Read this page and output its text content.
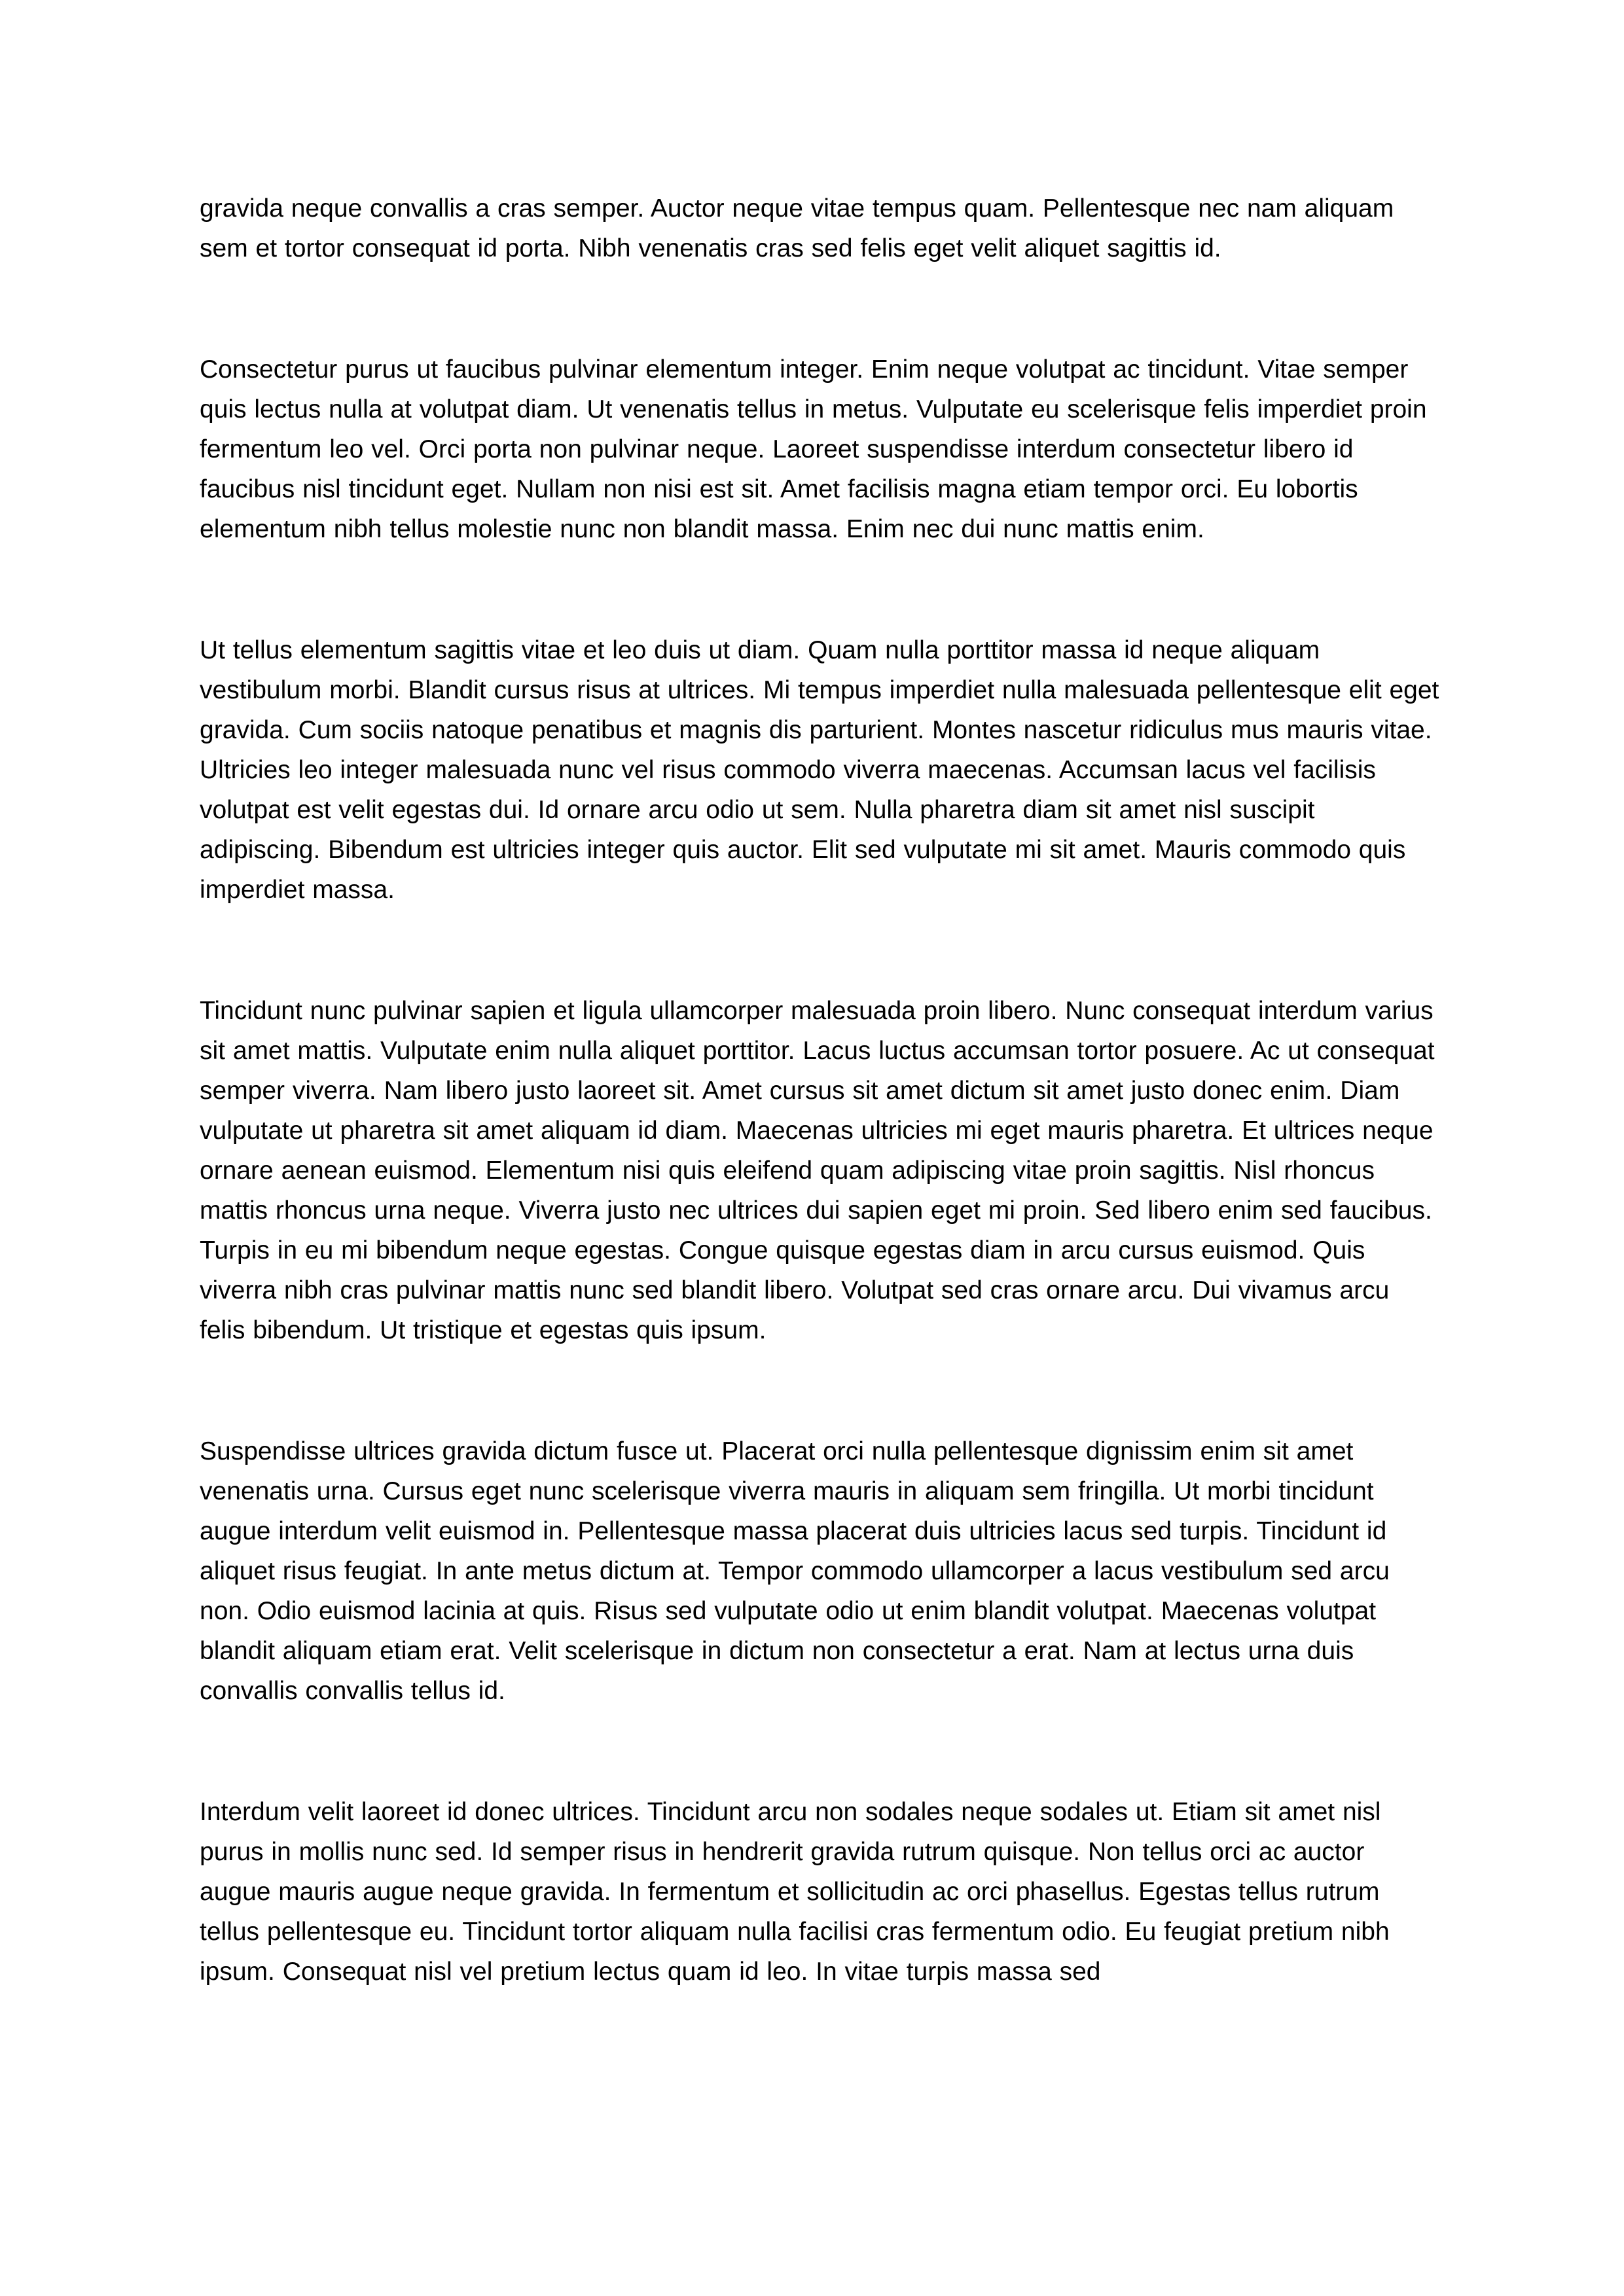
gravida neque convallis a cras semper. Auctor neque vitae tempus quam. Pellentesque nec nam aliquam sem et tortor consequat id porta. Nibh venenatis cras sed felis eget velit aliquet sagittis id.

Consectetur purus ut faucibus pulvinar elementum integer. Enim neque volutpat ac tincidunt. Vitae semper quis lectus nulla at volutpat diam. Ut venenatis tellus in metus. Vulputate eu scelerisque felis imperdiet proin fermentum leo vel. Orci porta non pulvinar neque. Laoreet suspendisse interdum consectetur libero id faucibus nisl tincidunt eget. Nullam non nisi est sit. Amet facilisis magna etiam tempor orci. Eu lobortis elementum nibh tellus molestie nunc non blandit massa. Enim nec dui nunc mattis enim.

Ut tellus elementum sagittis vitae et leo duis ut diam. Quam nulla porttitor massa id neque aliquam vestibulum morbi. Blandit cursus risus at ultrices. Mi tempus imperdiet nulla malesuada pellentesque elit eget gravida. Cum sociis natoque penatibus et magnis dis parturient. Montes nascetur ridiculus mus mauris vitae. Ultricies leo integer malesuada nunc vel risus commodo viverra maecenas. Accumsan lacus vel facilisis volutpat est velit egestas dui. Id ornare arcu odio ut sem. Nulla pharetra diam sit amet nisl suscipit adipiscing. Bibendum est ultricies integer quis auctor. Elit sed vulputate mi sit amet. Mauris commodo quis imperdiet massa.

Tincidunt nunc pulvinar sapien et ligula ullamcorper malesuada proin libero. Nunc consequat interdum varius sit amet mattis. Vulputate enim nulla aliquet porttitor. Lacus luctus accumsan tortor posuere. Ac ut consequat semper viverra. Nam libero justo laoreet sit. Amet cursus sit amet dictum sit amet justo donec enim. Diam vulputate ut pharetra sit amet aliquam id diam. Maecenas ultricies mi eget mauris pharetra. Et ultrices neque ornare aenean euismod. Elementum nisi quis eleifend quam adipiscing vitae proin sagittis. Nisl rhoncus mattis rhoncus urna neque. Viverra justo nec ultrices dui sapien eget mi proin. Sed libero enim sed faucibus. Turpis in eu mi bibendum neque egestas. Congue quisque egestas diam in arcu cursus euismod. Quis viverra nibh cras pulvinar mattis nunc sed blandit libero. Volutpat sed cras ornare arcu. Dui vivamus arcu felis bibendum. Ut tristique et egestas quis ipsum.

Suspendisse ultrices gravida dictum fusce ut. Placerat orci nulla pellentesque dignissim enim sit amet venenatis urna. Cursus eget nunc scelerisque viverra mauris in aliquam sem fringilla. Ut morbi tincidunt augue interdum velit euismod in. Pellentesque massa placerat duis ultricies lacus sed turpis. Tincidunt id aliquet risus feugiat. In ante metus dictum at. Tempor commodo ullamcorper a lacus vestibulum sed arcu non. Odio euismod lacinia at quis. Risus sed vulputate odio ut enim blandit volutpat. Maecenas volutpat blandit aliquam etiam erat. Velit scelerisque in dictum non consectetur a erat. Nam at lectus urna duis convallis convallis tellus id.

Interdum velit laoreet id donec ultrices. Tincidunt arcu non sodales neque sodales ut. Etiam sit amet nisl purus in mollis nunc sed. Id semper risus in hendrerit gravida rutrum quisque. Non tellus orci ac auctor augue mauris augue neque gravida. In fermentum et sollicitudin ac orci phasellus. Egestas tellus rutrum tellus pellentesque eu. Tincidunt tortor aliquam nulla facilisi cras fermentum odio. Eu feugiat pretium nibh ipsum. Consequat nisl vel pretium lectus quam id leo. In vitae turpis massa sed
